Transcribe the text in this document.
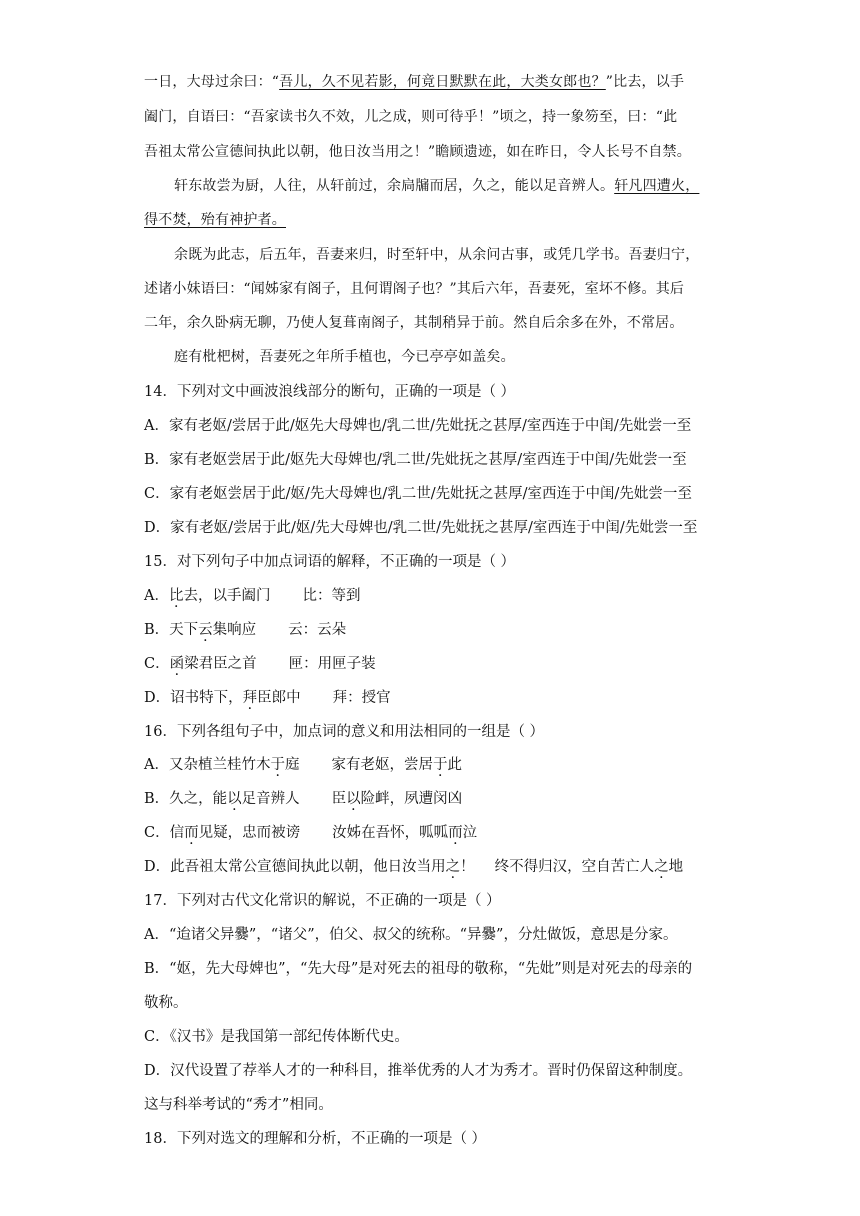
一日，大母过余曰：“吾儿，久不见若影，何竟日默默在此，大类女郎也？”比去，以手
阖门，自语曰：“吾家读书久不效，儿之成，则可待乎！”顷之，持一象笏至，曰：“此
吾祖太常公宣德间执此以朝，他日汝当用之！”瞻顾遗迹，如在昨日，令人长号不自禁。
轩东故尝为厨，人往，从轩前过，余扃牖而居，久之，能以足音辨人。轩凡四遭火，
得不焚，殆有神护者。
余既为此志，后五年，吾妻来归，时至轩中，从余问古事，或凭几学书。吾妻归宁，
述诸小妹语曰：“闻姊家有阁子，且何谓阁子也？”其后六年，吾妻死，室坏不修。其后
二年，余久卧病无聊，乃使人复葺南阁子，其制稍异于前。然自后余多在外，不常居。
庭有枇杷树，吾妻死之年所手植也，今已亭亭如盖矣。
14．下列对文中画波浪线部分的断句，正确的一项是（ ）
A．家有老妪/尝居于此/妪先大母婢也/乳二世/先妣抚之甚厚/室西连于中闺/先妣尝一至
B．家有老妪尝居于此/妪先大母婢也/乳二世/先妣抚之甚厚/室西连于中闺/先妣尝一至
C．家有老妪尝居于此/妪/先大母婢也/乳二世/先妣抚之甚厚/室西连于中闺/先妣尝一至
D．家有老妪/尝居于此/妪/先大母婢也/乳二世/先妣抚之甚厚/室西连于中闺/先妣尝一至
15．对下列句子中加点词语的解释，不正确的一项是（ ）
A．比去，以手阖门 比：等到
B．天下云集响应 云：云朵
C．函梁君臣之首 匣：用匣子装
D．诏书特下，拜臣郎中 拜：授官
16．下列各组句子中，加点词的意义和用法相同的一组是（ ）
A．又杂植兰桂竹木于庭 家有老妪，尝居于此
B．久之，能以足音辨人 臣以险衅，夙遭闵凶
C．信而见疑，忠而被谤 汝姊在吾怀，呱呱而泣
D．此吾祖太常公宣德间执此以朝，他日汝当用之！ 终不得归汉，空自苦亡人之地
17．下列对古代文化常识的解说，不正确的一项是（ ）
A．“迨诸父异爨”，“诸父”，伯父、叔父的统称。“异爨”，分灶做饭，意思是分家。
B．“妪，先大母婢也”，“先大母”是对死去的祖母的敬称，“先妣”则是对死去的母亲的
敬称。
C．《汉书》是我国第一部纪传体断代史。
D．汉代设置了荐举人才的一种科目，推举优秀的人才为秀才。晋时仍保留这种制度。
这与科举考试的“秀才”相同。
18．下列对选文的理解和分析，不正确的一项是（ ）
